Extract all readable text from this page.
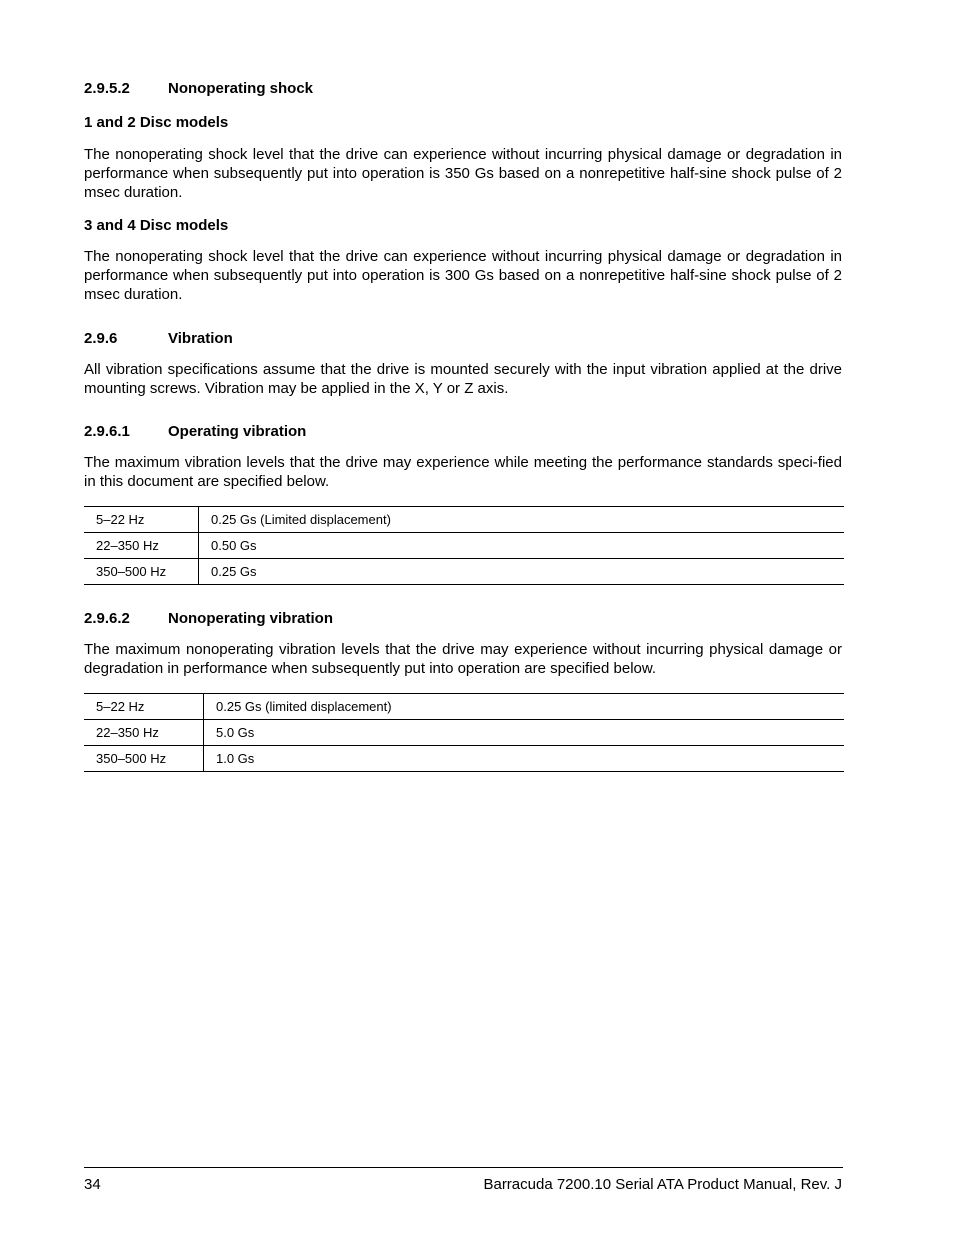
2.9.5.2	Nonoperating shock
1 and 2 Disc models
The nonoperating shock level that the drive can experience without incurring physical damage or degradation in performance when subsequently put into operation is 350 Gs based on a nonrepetitive half-sine shock pulse of 2 msec duration.
3 and 4 Disc models
The nonoperating shock level that the drive can experience without incurring physical damage or degradation in performance when subsequently put into operation is 300 Gs based on a nonrepetitive half-sine shock pulse of 2 msec duration.
2.9.6	Vibration
All vibration specifications assume that the drive is mounted securely with the input vibration applied at the drive mounting screws. Vibration may be applied in the X, Y or Z axis.
2.9.6.1	Operating vibration
The maximum vibration levels that the drive may experience while meeting the performance standards speci-fied in this document are specified below.
5–22 Hz	0.25 Gs (Limited displacement)
22–350 Hz	0.50 Gs
350–500 Hz	0.25 Gs
2.9.6.2	Nonoperating vibration
The maximum nonoperating vibration levels that the drive may experience without incurring physical damage or degradation in performance when subsequently put into operation are specified below.
5–22 Hz	0.25 Gs (limited displacement)
22–350 Hz	5.0 Gs
350–500 Hz	1.0 Gs
34	Barracuda 7200.10 Serial ATA Product Manual, Rev. J
